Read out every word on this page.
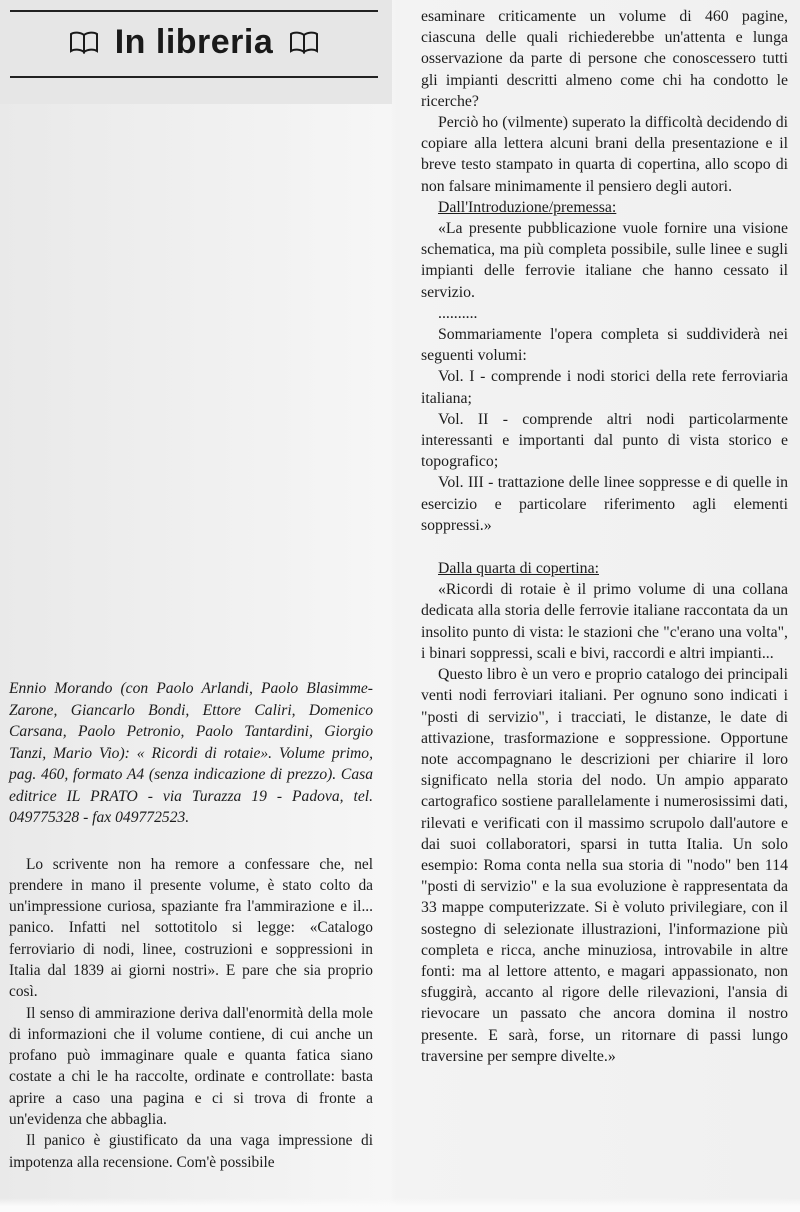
In libreria

Ennio Morando (con Paolo Arlandi, Paolo Blasimme-Zarone, Giancarlo Bondi, Ettore Caliri, Domenico Carsana, Paolo Petronio, Paolo Tantardini, Giorgio Tanzi, Mario Vio): « Ricordi di rotaie». Volume primo, pag. 460, formato A4 (senza indicazione di prezzo). Casa editrice IL PRATO - via Turazza 19 - Padova, tel. 049775328 - fax 049772523.

Lo scrivente non ha remore a confessare che, nel prendere in mano il presente volume, è stato colto da un'impressione curiosa, spaziante fra l'ammirazione e il... panico. Infatti nel sottotitolo si legge: «Catalogo ferroviario di nodi, linee, costruzioni e soppressioni in Italia dal 1839 ai giorni nostri». E pare che sia proprio così.

Il senso di ammirazione deriva dall'enormità della mole di informazioni che il volume contiene, di cui anche un profano può immaginare quale e quanta fatica siano costate a chi le ha raccolte, ordinate e controllate: basta aprire a caso una pagina e ci si trova di fronte a un'evidenza che abbaglia.

Il panico è giustificato da una vaga impressione di impotenza alla recensione. Com'è possibile

esaminare criticamente un volume di 460 pagine, ciascuna delle quali richiederebbe un'attenta e lunga osservazione da parte di persone che conoscessero tutti gli impianti descritti almeno come chi ha condotto le ricerche?

Perciò ho (vilmente) superato la difficoltà decidendo di copiare alla lettera alcuni brani della presentazione e il breve testo stampato in quarta di copertina, allo scopo di non falsare minimamente il pensiero degli autori.

Dall'Introduzione/premessa:

«La presente pubblicazione vuole fornire una visione schematica, ma più completa possibile, sulle linee e sugli impianti delle ferrovie italiane che hanno cessato il servizio.

..........

Sommariamente l'opera completa si suddividerà nei seguenti volumi:

Vol. I - comprende i nodi storici della rete ferroviaria italiana;

Vol. II - comprende altri nodi particolarmente interessanti e importanti dal punto di vista storico e topografico;

Vol. III - trattazione delle linee soppresse e di quelle in esercizio e particolare riferimento agli elementi soppressi.»

Dalla quarta di copertina:

«Ricordi di rotaie è il primo volume di una collana dedicata alla storia delle ferrovie italiane raccontata da un insolito punto di vista: le stazioni che "c'erano una volta", i binari soppressi, scali e bivi, raccordi e altri impianti...

Questo libro è un vero e proprio catalogo dei principali venti nodi ferroviari italiani. Per ognuno sono indicati i "posti di servizio", i tracciati, le distanze, le date di attivazione, trasformazione e soppressione. Opportune note accompagnano le descrizioni per chiarire il loro significato nella storia del nodo. Un ampio apparato cartografico sostiene parallelamente i numerosissimi dati, rilevati e verificati con il massimo scrupolo dall'autore e dai suoi collaboratori, sparsi in tutta Italia. Un solo esempio: Roma conta nella sua storia di "nodo" ben 114 "posti di servizio" e la sua evoluzione è rappresentata da 33 mappe computerizzate. Si è voluto privilegiare, con il sostegno di selezionate illustrazioni, l'informazione più completa e ricca, anche minuziosa, introvabile in altre fonti: ma al lettore attento, e magari appassionato, non sfuggirà, accanto al rigore delle rilevazioni, l'ansia di rievocare un passato che ancora domina il nostro presente. E sarà, forse, un ritornare di passi lungo traversine per sempre divelte.»
